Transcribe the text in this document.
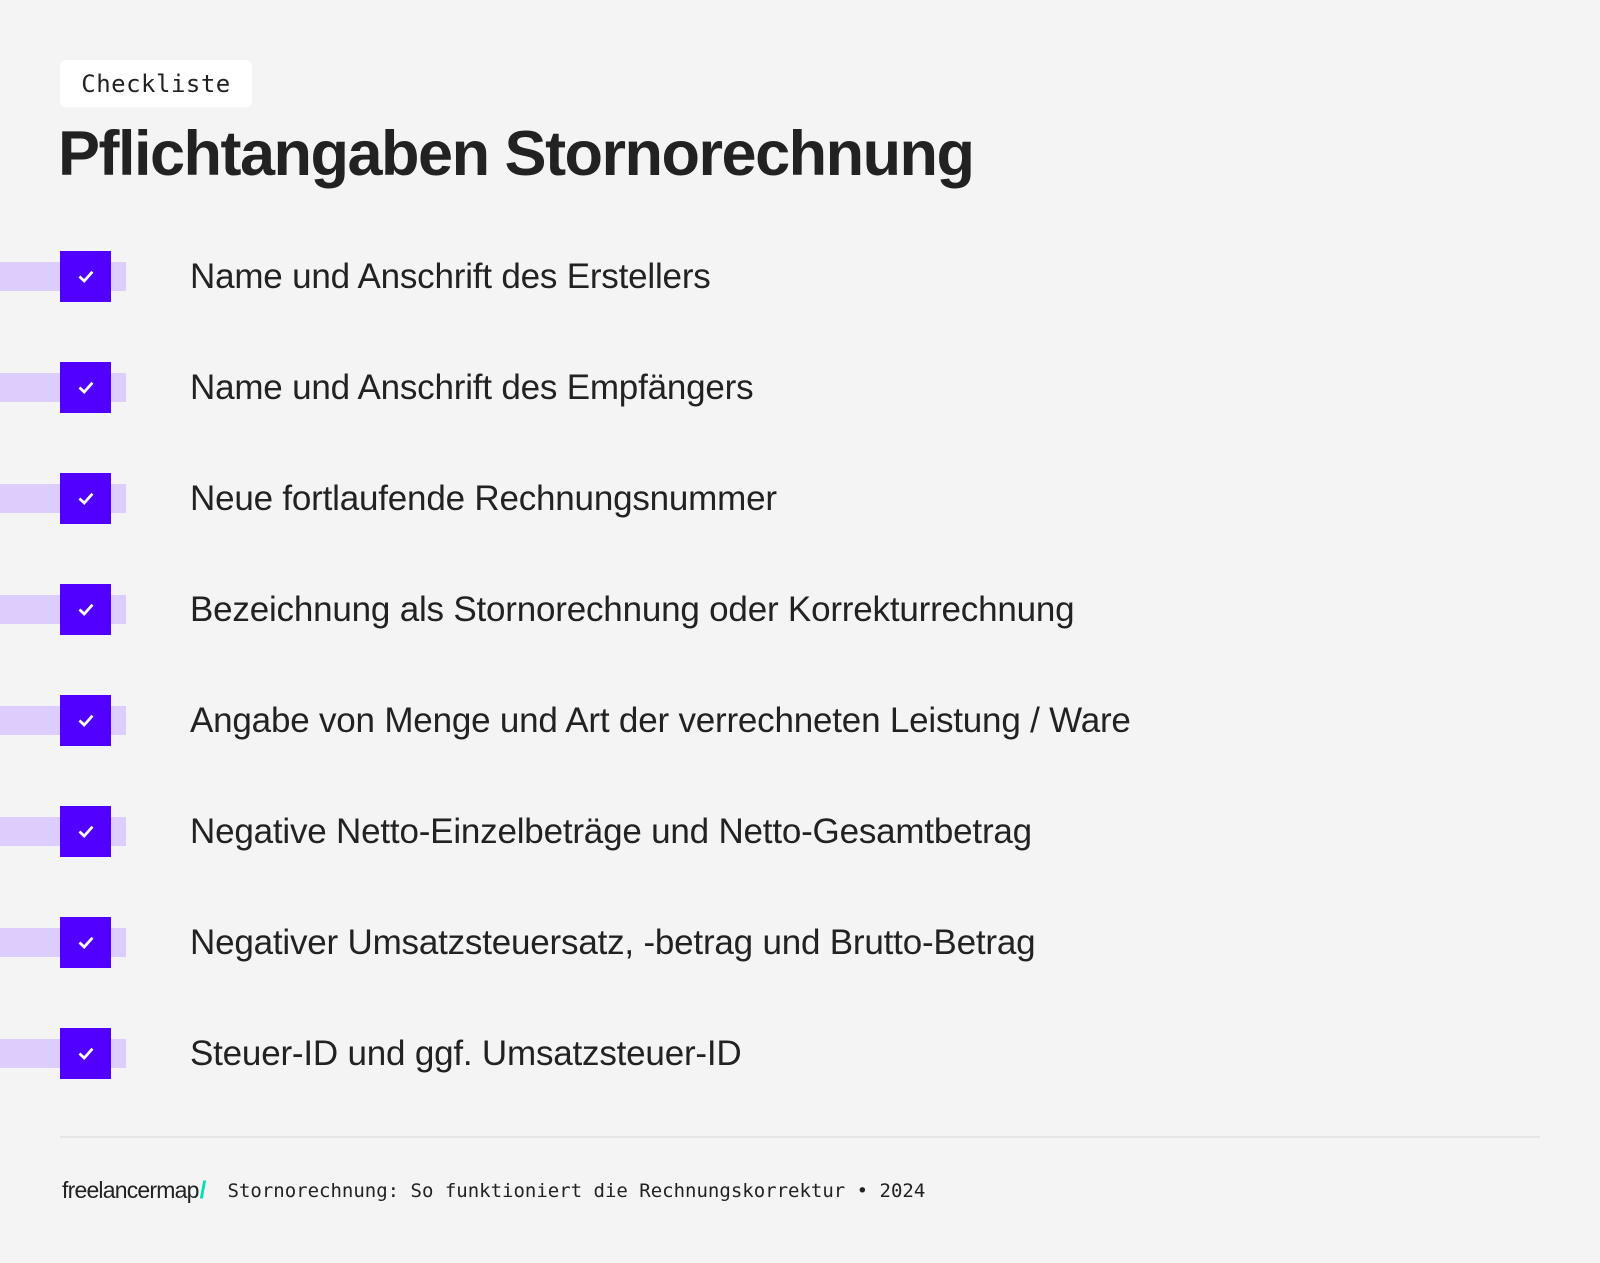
Checkliste
Pflichtangaben Stornorechnung
Name und Anschrift des Erstellers
Name und Anschrift des Empfängers
Neue fortlaufende Rechnungsnummer
Bezeichnung als Stornorechnung oder Korrekturrechnung
Angabe von Menge und Art der verrechneten Leistung / Ware
Negative Netto-Einzelbeträge und Netto-Gesamtbetrag
Negativer Umsatzsteuersatz, -betrag und Brutto-Betrag
Steuer-ID und ggf. Umsatzsteuer-ID
freelancermap/ Stornorechnung: So funktioniert die Rechnungskorrektur • 2024
